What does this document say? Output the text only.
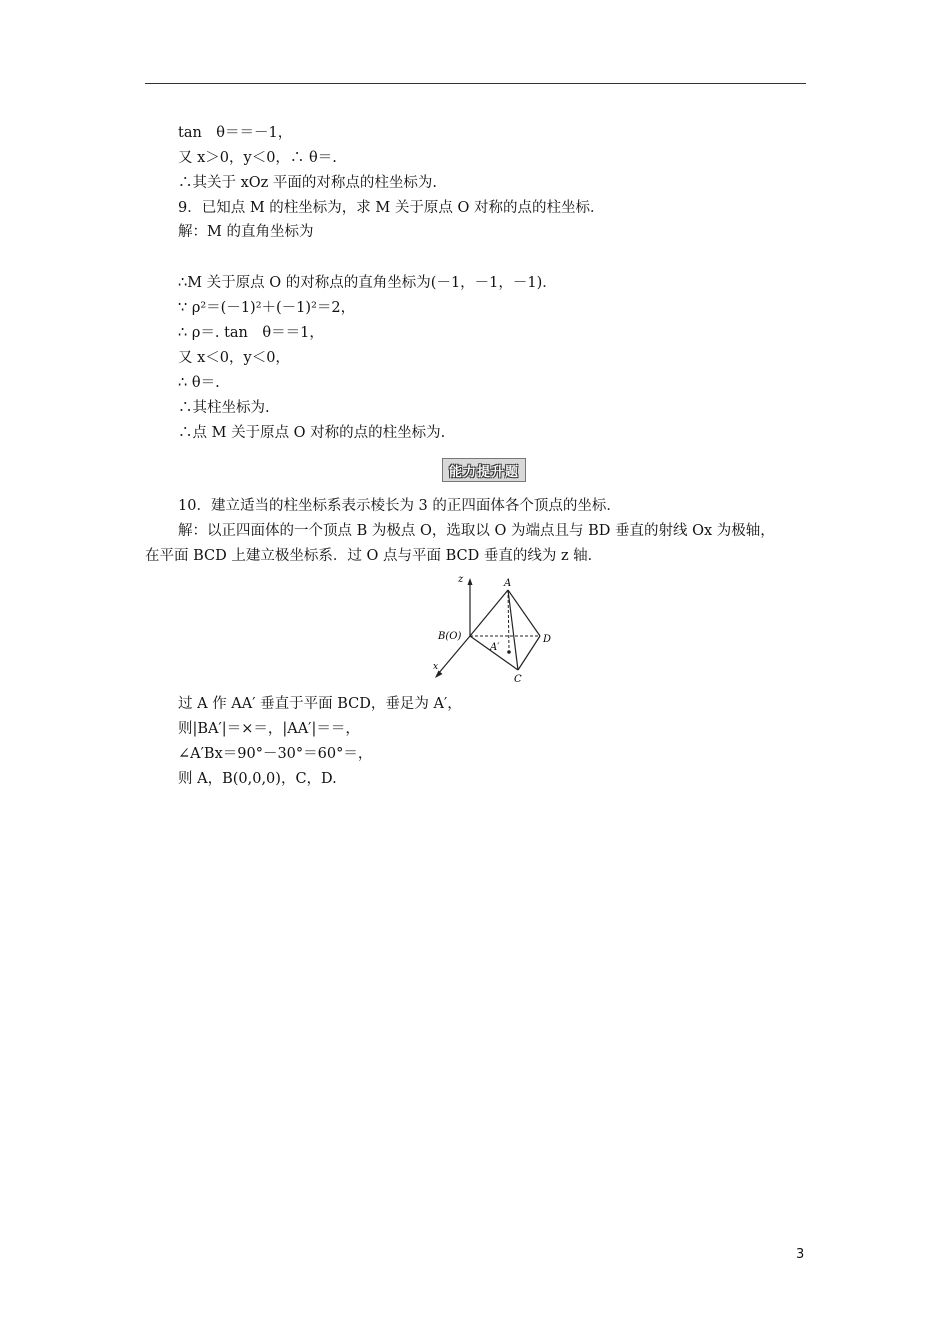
tan　θ＝＝－1，
又 x＞0，y＜0，∴ θ＝.
∴其关于 xOz 平面的对称点的柱坐标为.
9．已知点 M 的柱坐标为，求 M 关于原点 O 对称的点的柱坐标．
解：M 的直角坐标为
∴M 关于原点 O 的对称点的直角坐标为(－1，－1，－1)．
∵ ρ²＝(－1)²＋(－1)²＝2，
∴ ρ＝. tan　θ＝＝1，
又 x＜0，y＜0，
∴ θ＝.
∴其柱坐标为.
∴点 M 关于原点 O 对称的点的柱坐标为.
能力提升题
10．建立适当的柱坐标系表示棱长为 3 的正四面体各个顶点的坐标．
解：以正四面体的一个顶点 B 为极点 O，选取以 O 为端点且与 BD 垂直的射线 Ox 为极轴，
在平面 BCD 上建立极坐标系．过 O 点与平面 BCD 垂直的线为 z 轴．
z
x
A
B(O)	D
A′
C
过 A 作 AA′ 垂直于平面 BCD，垂足为 A′，
则|BA′|＝×＝，|AA′|＝＝，
∠A′Bx＝90°－30°＝60°＝，
则 A，B(0,0,0)，C，D.
3
